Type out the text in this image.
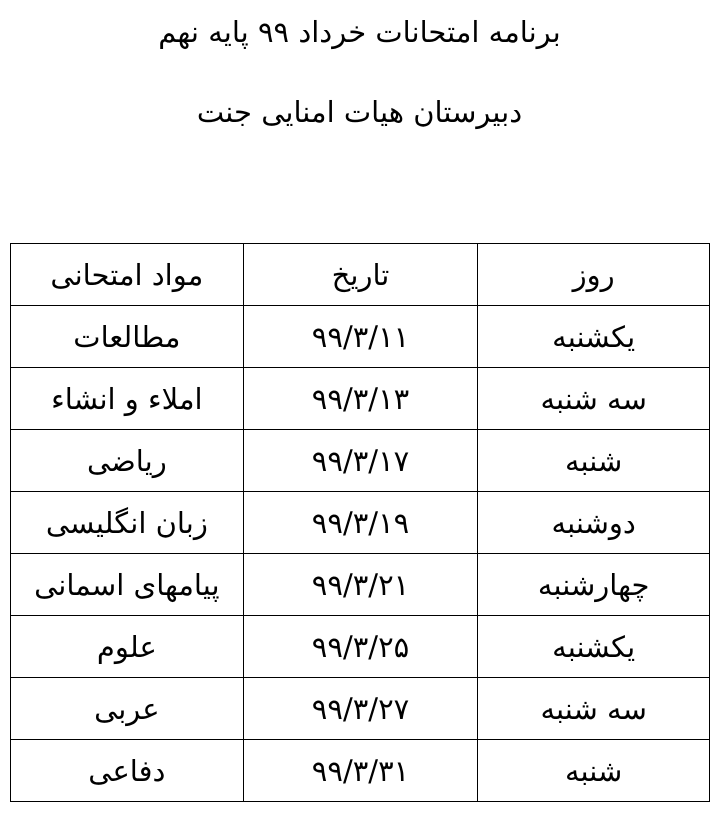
برنامه امتحانات خرداد ۹۹ پایه نهم
دبیرستان هیات امنایی جنت
روز	تاریخ	مواد امتحانی
یکشنبه	۹۹/۳/۱۱	مطالعات
سه شنبه	۹۹/۳/۱۳	املاء و انشاء
شنبه	۹۹/۳/۱۷	ریاضی
دوشنبه	۹۹/۳/۱۹	زبان انگلیسی
چهارشنبه	۹۹/۳/۲۱	پیامهای اسمانی
یکشنبه	۹۹/۳/۲۵	علوم
سه شنبه	۹۹/۳/۲۷	عربی
شنبه	۹۹/۳/۳۱	دفاعی
